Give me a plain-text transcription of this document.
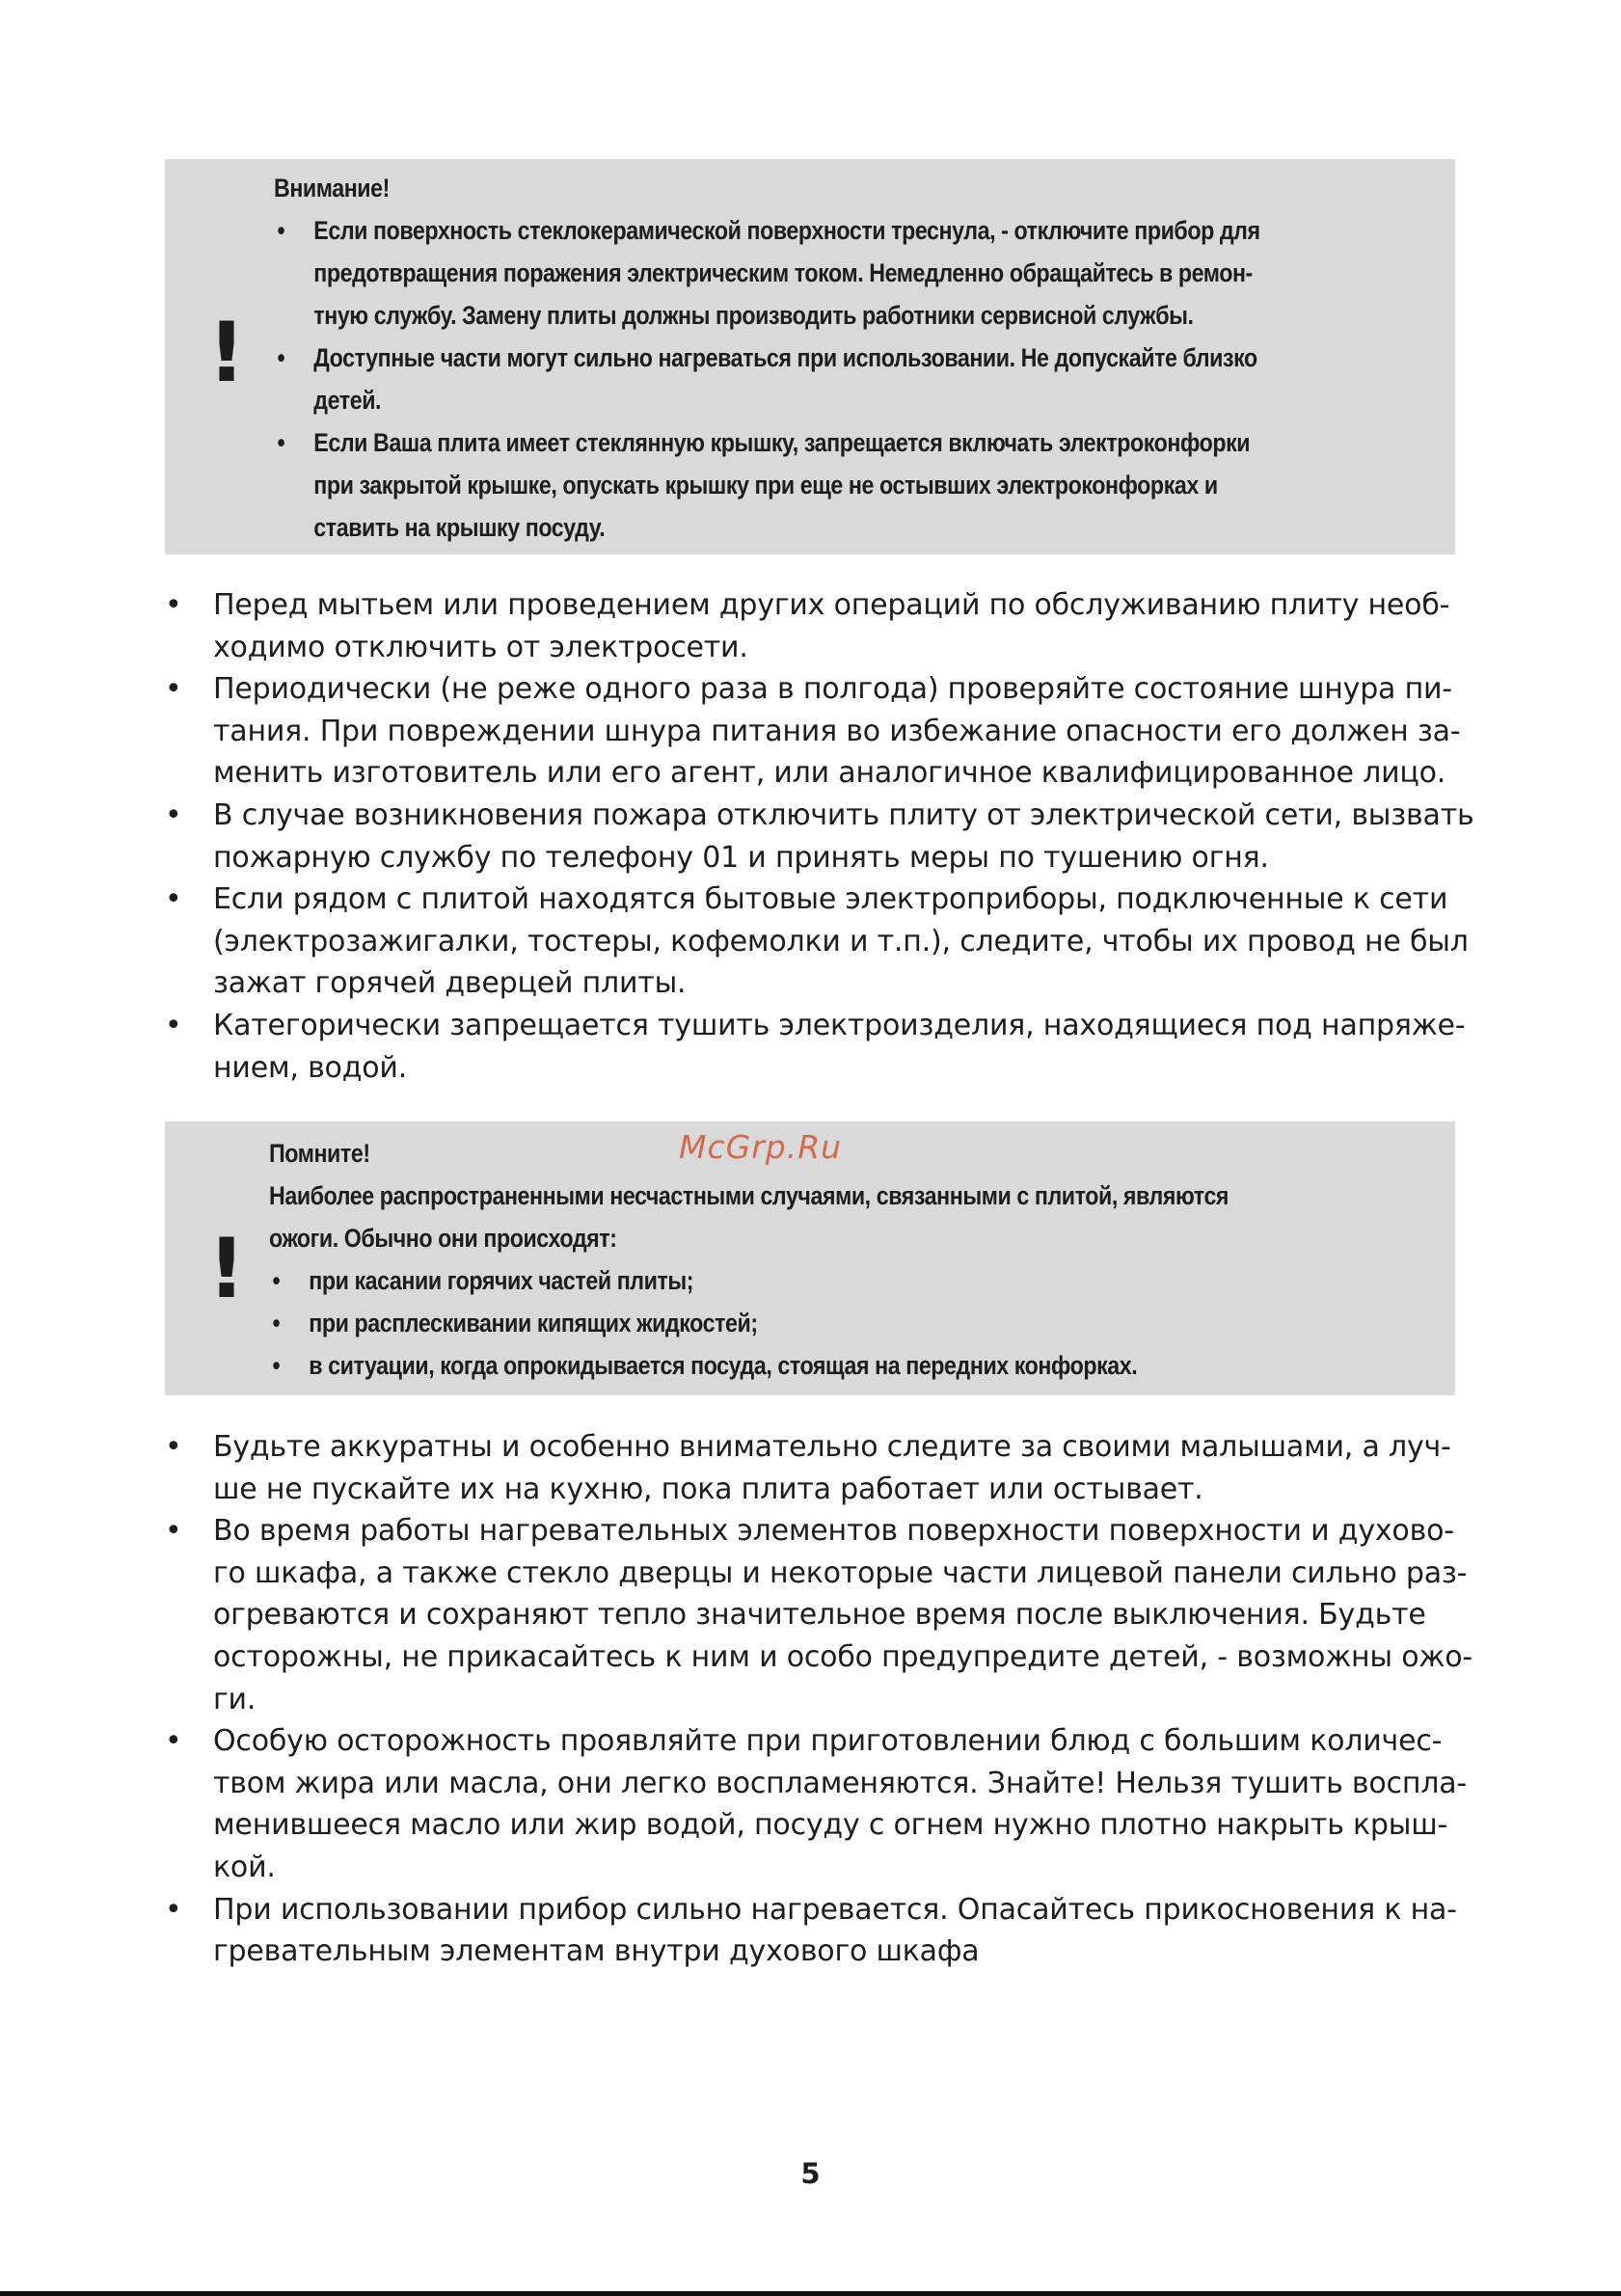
!
Внимание!
• Если поверхность стеклокерамической поверхности треснула, - отключите прибор для
предотвращения поражения электрическим током. Немедленно обращайтесь в ремон-
тную службу. Замену плиты должны производить работники сервисной службы.
• Доступные части могут сильно нагреваться при использовании. Не допускайте близко
детей.
• Если Ваша плита имеет стеклянную крышку, запрещается включать электроконфорки
при закрытой крышке, опускать крышку при еще не остывших электроконфорках и
ставить на крышку посуду.
• Перед мытьем или проведением других операций по обслуживанию плиту необ-
ходимо отключить от электросети.
• Периодически (не реже одного раза в полгода) проверяйте состояние шнура пи-
тания. При повреждении шнура питания во избежание опасности его должен за-
менить изготовитель или его агент, или аналогичное квалифицированное лицо.
• В случае возникновения пожара отключить плиту от электрической сети, вызвать
пожарную службу по телефону 01 и принять меры по тушению огня.
• Если рядом с плитой находятся бытовые электроприборы, подключенные к сети
(электрозажигалки, тостеры, кофемолки и т.п.), следите, чтобы их провод не был
зажат горячей дверцей плиты.
• Категорически запрещается тушить электроизделия, находящиеся под напряже-
нием, водой.
!
Помните!
Наиболее распространенными несчастными случаями, связанными с плитой, являются
ожоги. Обычно они происходят:
• при касании горячих частей плиты;
• при расплескивании кипящих жидкостей;
• в ситуации, когда опрокидывается посуда, стоящая на передних конфорках.
McGrp.Ru
• Будьте аккуратны и особенно внимательно следите за своими малышами, а луч-
ше не пускайте их на кухню, пока плита работает или остывает.
• Во время работы нагревательных элементов поверхности поверхности и духово-
го шкафа, а также стекло дверцы и некоторые части лицевой панели сильно раз-
огреваются и сохраняют тепло значительное время после выключения. Будьте
осторожны, не прикасайтесь к ним и особо предупредите детей, - возможны ожо-
ги.
• Особую осторожность проявляйте при приготовлении блюд с большим количес-
твом жира или масла, они легко воспламеняются. Знайте! Нельзя тушить воспла-
менившееся масло или жир водой, посуду с огнем нужно плотно накрыть крыш-
кой.
• При использовании прибор сильно нагревается. Опасайтесь прикосновения к на-
гревательным элементам внутри духового шкафа
5
